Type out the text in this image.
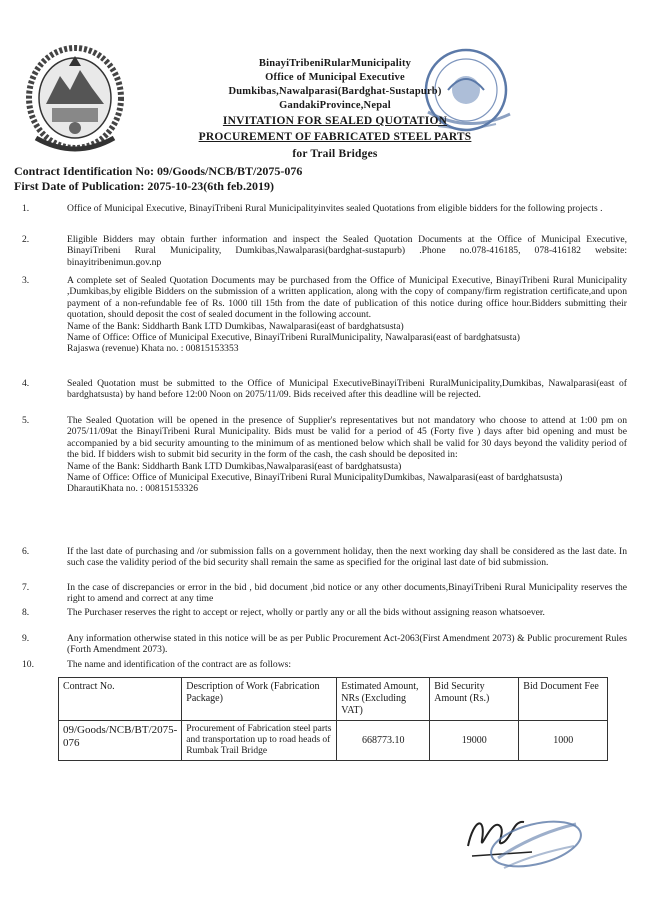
BinayiTribeniRularMunicipality
Office of Municipal Executive
Dumkibas,Nawalparasi(Bardghat-Sustapurb)
GandakiProvince,Nepal
INVITATION FOR SEALED QUOTATION
PROCUREMENT OF FABRICATED STEEL PARTS
for Trail Bridges
Contract Identification No: 09/Goods/NCB/BT/2075-076
First Date of Publication: 2075-10-23(6th feb.2019)
1.	Office of Municipal Executive, BinayiTribeni Rural Municipalityinvites sealed Quotations from eligible bidders for the following projects .
2.	Eligible Bidders may obtain further information and inspect the Sealed Quotation Documents at the Office of Municipal Executive, BinayiTribeni Rural Municipality, Dumkibas,Nawalparasi(bardghat-sustapurb) .Phone no.078-416185, 078-416182 website: binayitribenimun.gov.np
3.	A complete set of Sealed Quotation Documents may be purchased from the Office of Municipal Executive, BinayiTribeni Rural Municipality ,Dumkibas,by eligible Bidders on the submission of a written application, along with the copy of company/firm registration certificate,and upon payment of a non-refundable fee of Rs. 1000 till 15th from the date of publication of this notice during office hour.Bidders submitting their quotation, should deposit the cost of sealed document in the following account.
Name of the Bank: Siddharth Bank LTD Dumkibas, Nawalparasi(east of bardghatsusta)
Name of Office: Office of Municipal Executive, BinayiTribeni RuralMunicipality, Nawalparasi(east of bardghatsusta)
Rajaswa (revenue) Khata no. : 00815153353
4.	Sealed Quotation must be submitted to the Office of Municipal ExecutiveBinayiTribeni RuralMunicipality,Dumkibas, Nawalparasi(east of bardghatsusta) by hand before 12:00 Noon on 2075/11/09. Bids received after this deadline will be rejected.
5.	The Sealed Quotation will be opened in the presence of Supplier's representatives but not mandatory who choose to attend at 1:00 pm on 2075/11/09at the BinayiTribeni Rural Municipality. Bids must be valid for a period of 45 (Forty five ) days after bid opening and must be accompanied by a bid security amounting to the minimum of as mentioned below which shall be valid for 30 days beyond the validity period of the bid. If bidders wish to submit bid security in the form of the cash, the cash should be deposited in:
Name of the Bank: Siddharth Bank LTD Dumkibas,Nawalparasi(east of bardghatsusta)
Name of Office: Office of Municipal Executive, BinayiTribeni Rural MunicipalityDumkibas, Nawalparasi(east of bardghatsusta)
DharautiKhata no. : 00815153326
6.	If the last date of purchasing and /or submission falls on a government holiday, then the next working day shall be considered as the last date. In such case the validity period of the bid security shall remain the same as specified for the original last date of bid submission.
7.	In the case of discrepancies or error in the bid , bid document ,bid notice or any other documents,BinayiTribeni Rural Municipality reserves the right to amend and correct at any time
8.	The Purchaser reserves the right to accept or reject, wholly or partly any or all the bids without assigning reason whatsoever.
9.	Any information otherwise stated in this notice will be as per Public Procurement Act-2063(First Amendment 2073) & Public procurement Rules (Forth Amendment 2073).
10.	The name and identification of the contract are as follows:
Contract No.	Description of Work (Fabrication Package)	Estimated Amount, NRs (Excluding VAT)	Bid Security Amount (Rs.)	Bid Document Fee
09/Goods/NCB/BT/2075-076	Procurement of Fabrication steel parts and transportation up to road heads of Rumbak Trail Bridge	668773.10	19000	1000
